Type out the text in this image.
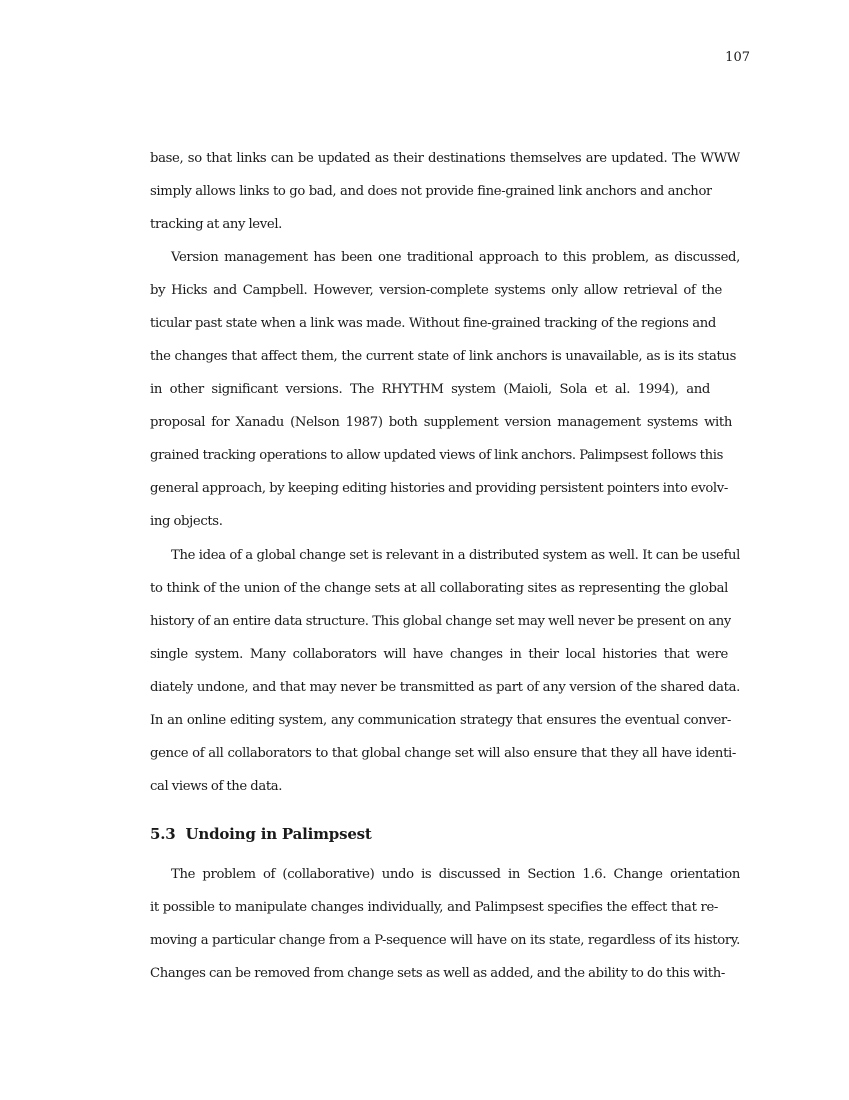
107
base, so that links can be updated as their destinations themselves are updated. The WWW
simply allows links to go bad, and does not provide fine-grained link anchors and anchor
tracking at any level.
Version management has been one traditional approach to this problem, as discussed,
by Hicks and Campbell. However, version-complete systems only allow retrieval of the
ticular past state when a link was made. Without fine-grained tracking of the regions and
the changes that affect them, the current state of link anchors is unavailable, as is its status
in other significant versions. The RHYTHM system (Maioli, Sola et al. 1994), and
proposal for Xanadu (Nelson 1987) both supplement version management systems with
grained tracking operations to allow updated views of link anchors. Palimpsest follows this
general approach, by keeping editing histories and providing persistent pointers into evolv-
ing objects.
The idea of a global change set is relevant in a distributed system as well. It can be useful
to think of the union of the change sets at all collaborating sites as representing the global
history of an entire data structure. This global change set may well never be present on any
single system. Many collaborators will have changes in their local histories that were
diately undone, and that may never be transmitted as part of any version of the shared data.
In an online editing system, any communication strategy that ensures the eventual conver-
gence of all collaborators to that global change set will also ensure that they all have identi-
cal views of the data.
5.3 Undoing in Palimpsest
The problem of (collaborative) undo is discussed in Section 1.6. Change orientation
it possible to manipulate changes individually, and Palimpsest specifies the effect that re-
moving a particular change from a P-sequence will have on its state, regardless of its history.
Changes can be removed from change sets as well as added, and the ability to do this with-
